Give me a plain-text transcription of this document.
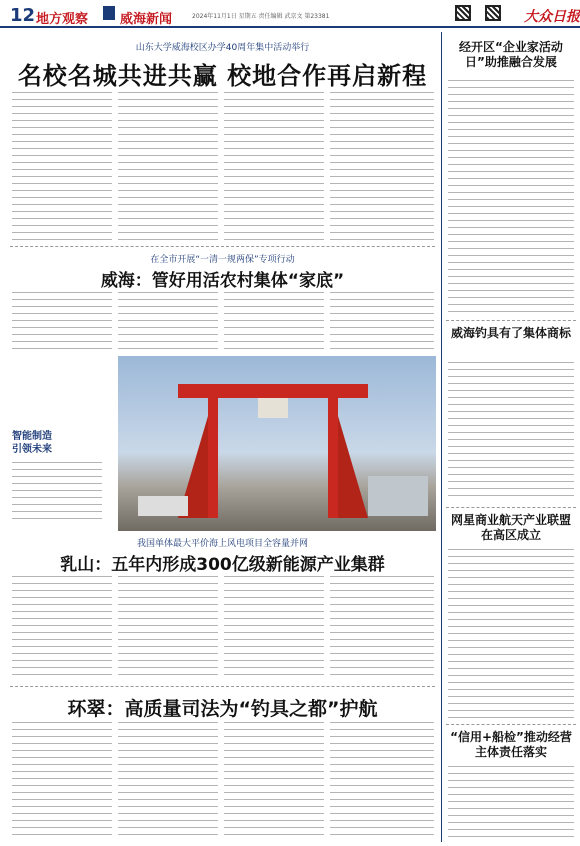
12 地方观察 威海新闻	2024年11月1日 星期五 责任编辑 武京文 第23381	大众日报
山东大学威海校区办学40周年集中活动举行
名校名城共进共赢 校地合作再启新程
在全市开展“一清一规两保”专项行动
威海：管好用活农村集体“家底”
智能制造
引领未来
我国单体最大平价海上风电项目全容量并网
乳山：五年内形成300亿级新能源产业集群
环翠：高质量司法为“钓具之都”护航
经开区“企业家活动日”助推融合发展
威海钓具有了集体商标
网星商业航天产业联盟在高区成立
“信用+船检”推动经营主体责任落实
